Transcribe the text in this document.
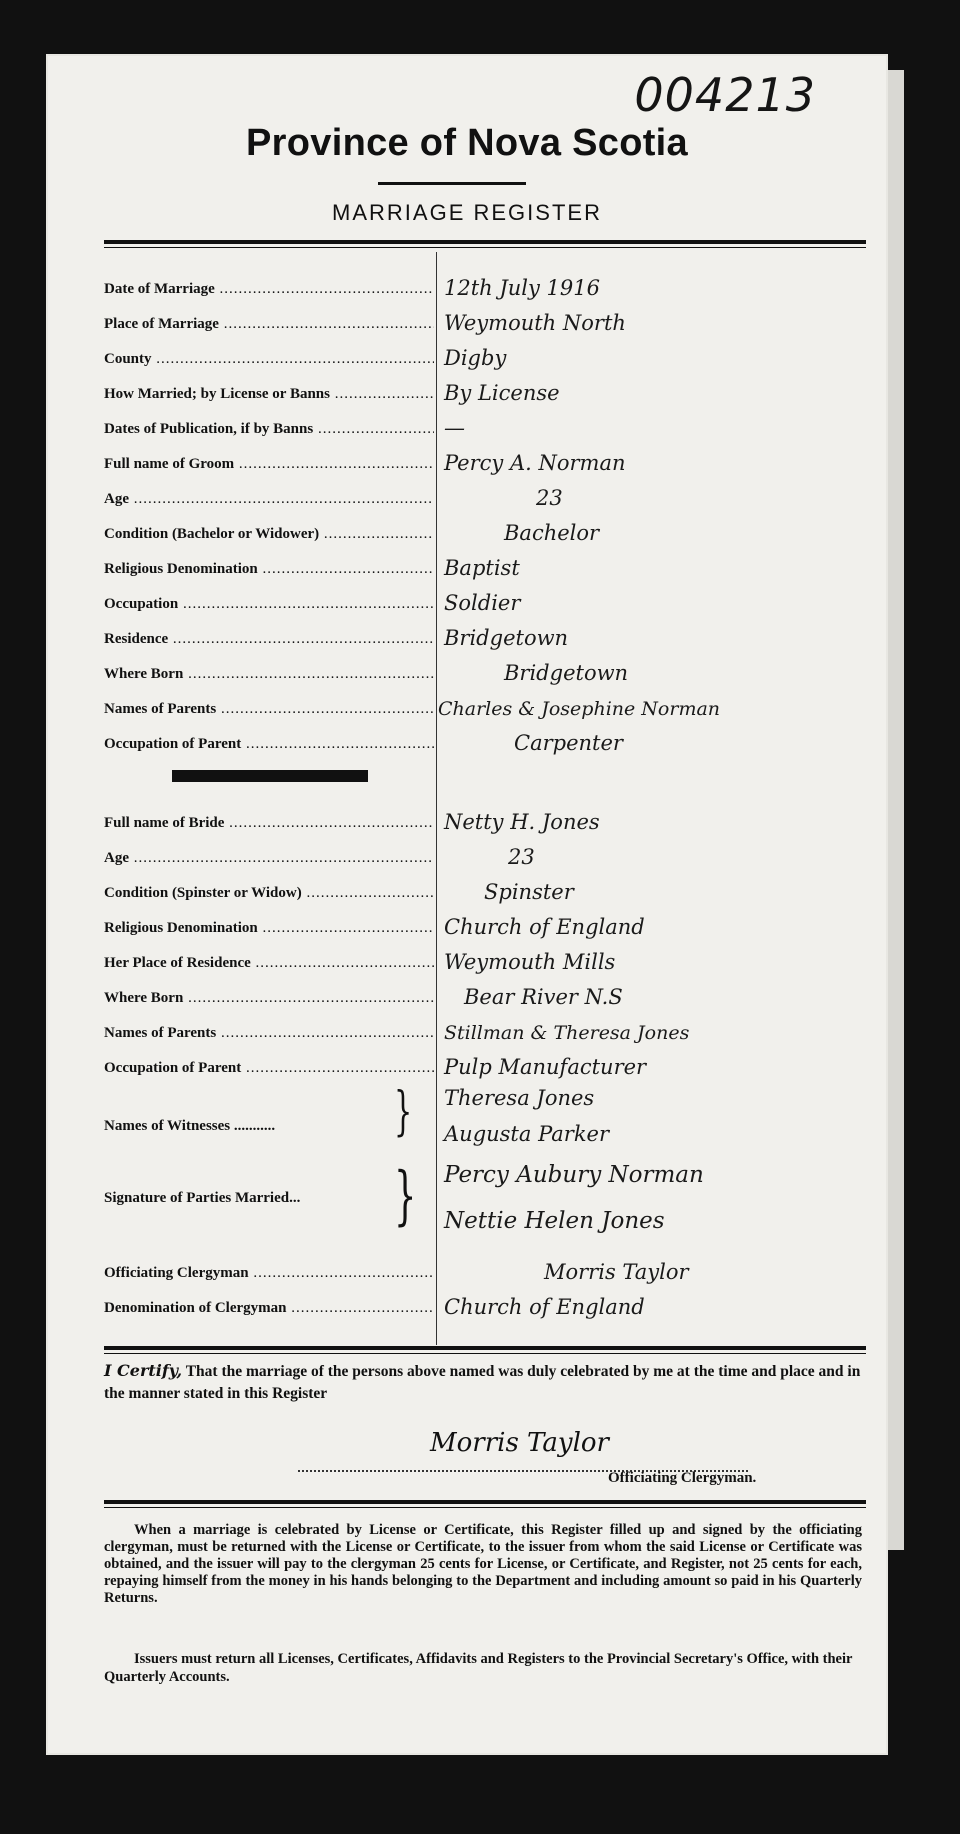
004213
Province of Nova Scotia
MARRIAGE REGISTER
Date of Marriage .....	12th July 1916
Place of Marriage .....	Weymouth North
County .....	Digby
How Married; by License or Banns .....	By License
Dates of Publication, if by Banns .....	—
Full name of Groom .....	Percy A. Norman
Age .....	23
Condition (Bachelor or Widower) .....	Bachelor
Religious Denomination .....	Baptist
Occupation .....	Soldier
Residence .....	Bridgetown
Where Born .....	Bridgetown
Names of Parents .....	Charles & Josephine Norman
Occupation of Parent .....	Carpenter
Full name of Bride .....	Netty H. Jones
Age .....	23
Condition (Spinster or Widow) .....	Spinster
Religious Denomination .....	Church of England
Her Place of Residence .....	Weymouth Mills
Where Born .....	Bear River N.S
Names of Parents .....	Stillman & Theresa Jones
Occupation of Parent .....	Pulp Manufacturer
Names of Witnesses ...........	} Theresa Jones
Augusta Parker
Signature of Parties Married...	} Percy Aubury Norman
Nettie Helen Jones
Officiating Clergyman .....	Morris Taylor
Denomination of Clergyman .....	Church of England
I Certify, That the marriage of the persons above named was duly celebrated by me at the time and place and in the manner stated in this Register
Morris Taylor
Officiating Clergyman.
When a marriage is celebrated by License or Certificate, this Register filled up and signed by the officiating clergyman, must be returned with the License or Certificate, to the issuer from whom the said License or Certificate was obtained, and the issuer will pay to the clergyman 25 cents for License, or Certificate, and Register, not 25 cents for each, repaying himself from the money in his hands belonging to the Department and including amount so paid in his Quarterly Returns.
Issuers must return all Licenses, Certificates, Affidavits and Registers to the Provincial Secretary's Office, with their Quarterly Accounts.
